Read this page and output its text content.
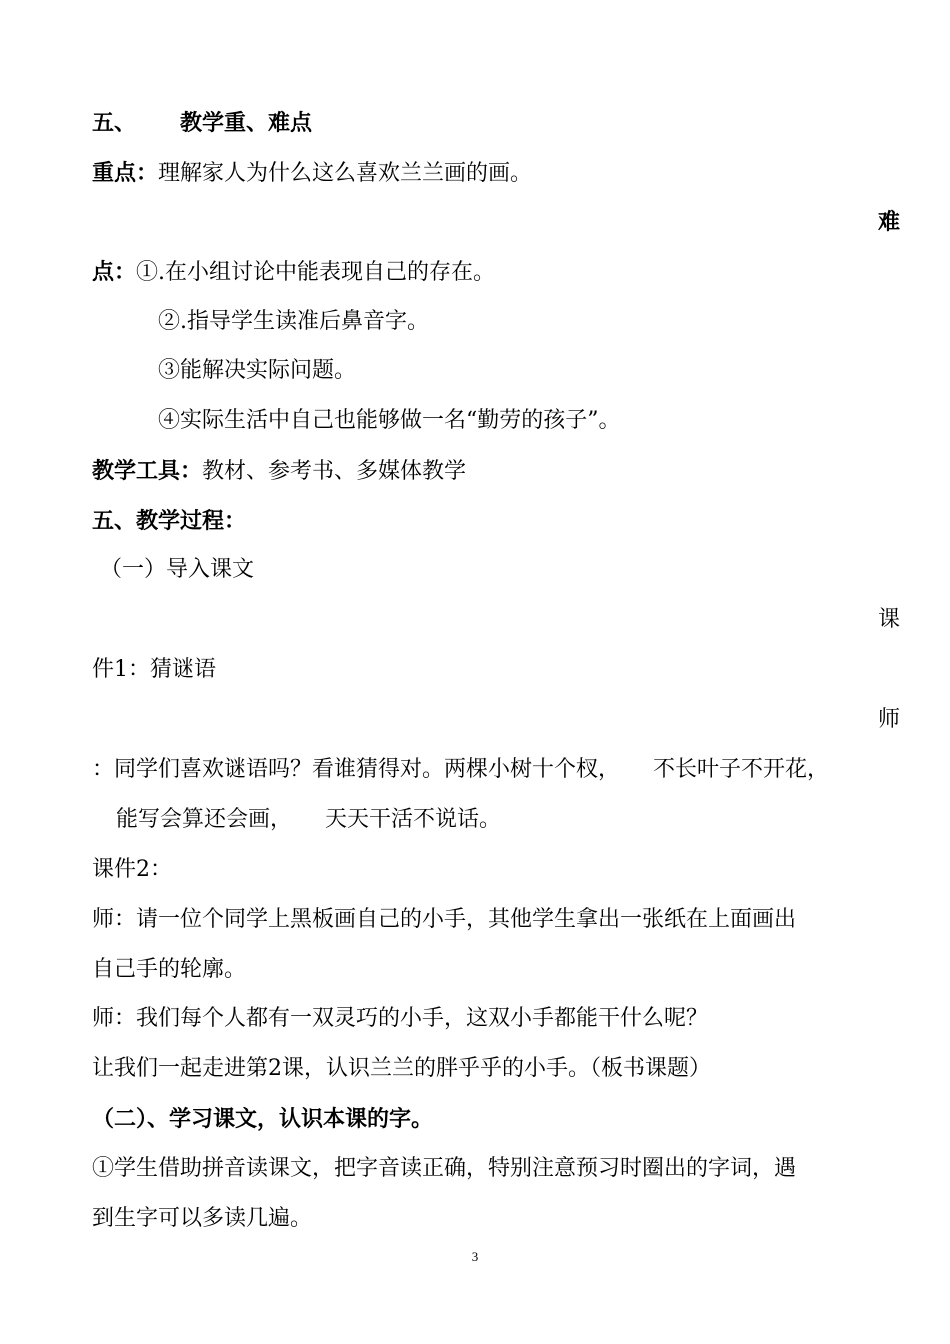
五、 教学重、难点
重点：理解家人为什么这么喜欢兰兰画的画。
难
点：①.在小组讨论中能表现自己的存在。
②.指导学生读准后鼻音字。
③能解决实际问题。
④实际生活中自己也能够做一名“勤劳的孩子”。
教学工具：教材、参考书、多媒体教学
五、教学过程：
（一）导入课文
课
件1：猜谜语
师
：同学们喜欢谜语吗？看谁猜得对。两棵小树十个杈，　　不长叶子不开花，
能写会算还会画，　　天天干活不说话。
课件2：
师：请一位个同学上黑板画自己的小手，其他学生拿出一张纸在上面画出
自己手的轮廓。
师：我们每个人都有一双灵巧的小手，这双小手都能干什么呢？
让我们一起走进第2课，认识兰兰的胖乎乎的小手。（板书课题）
（二）、学习课文，认识本课的字。
①学生借助拼音读课文，把字音读正确，特别注意预习时圈出的字词，遇
到生字可以多读几遍。
3
